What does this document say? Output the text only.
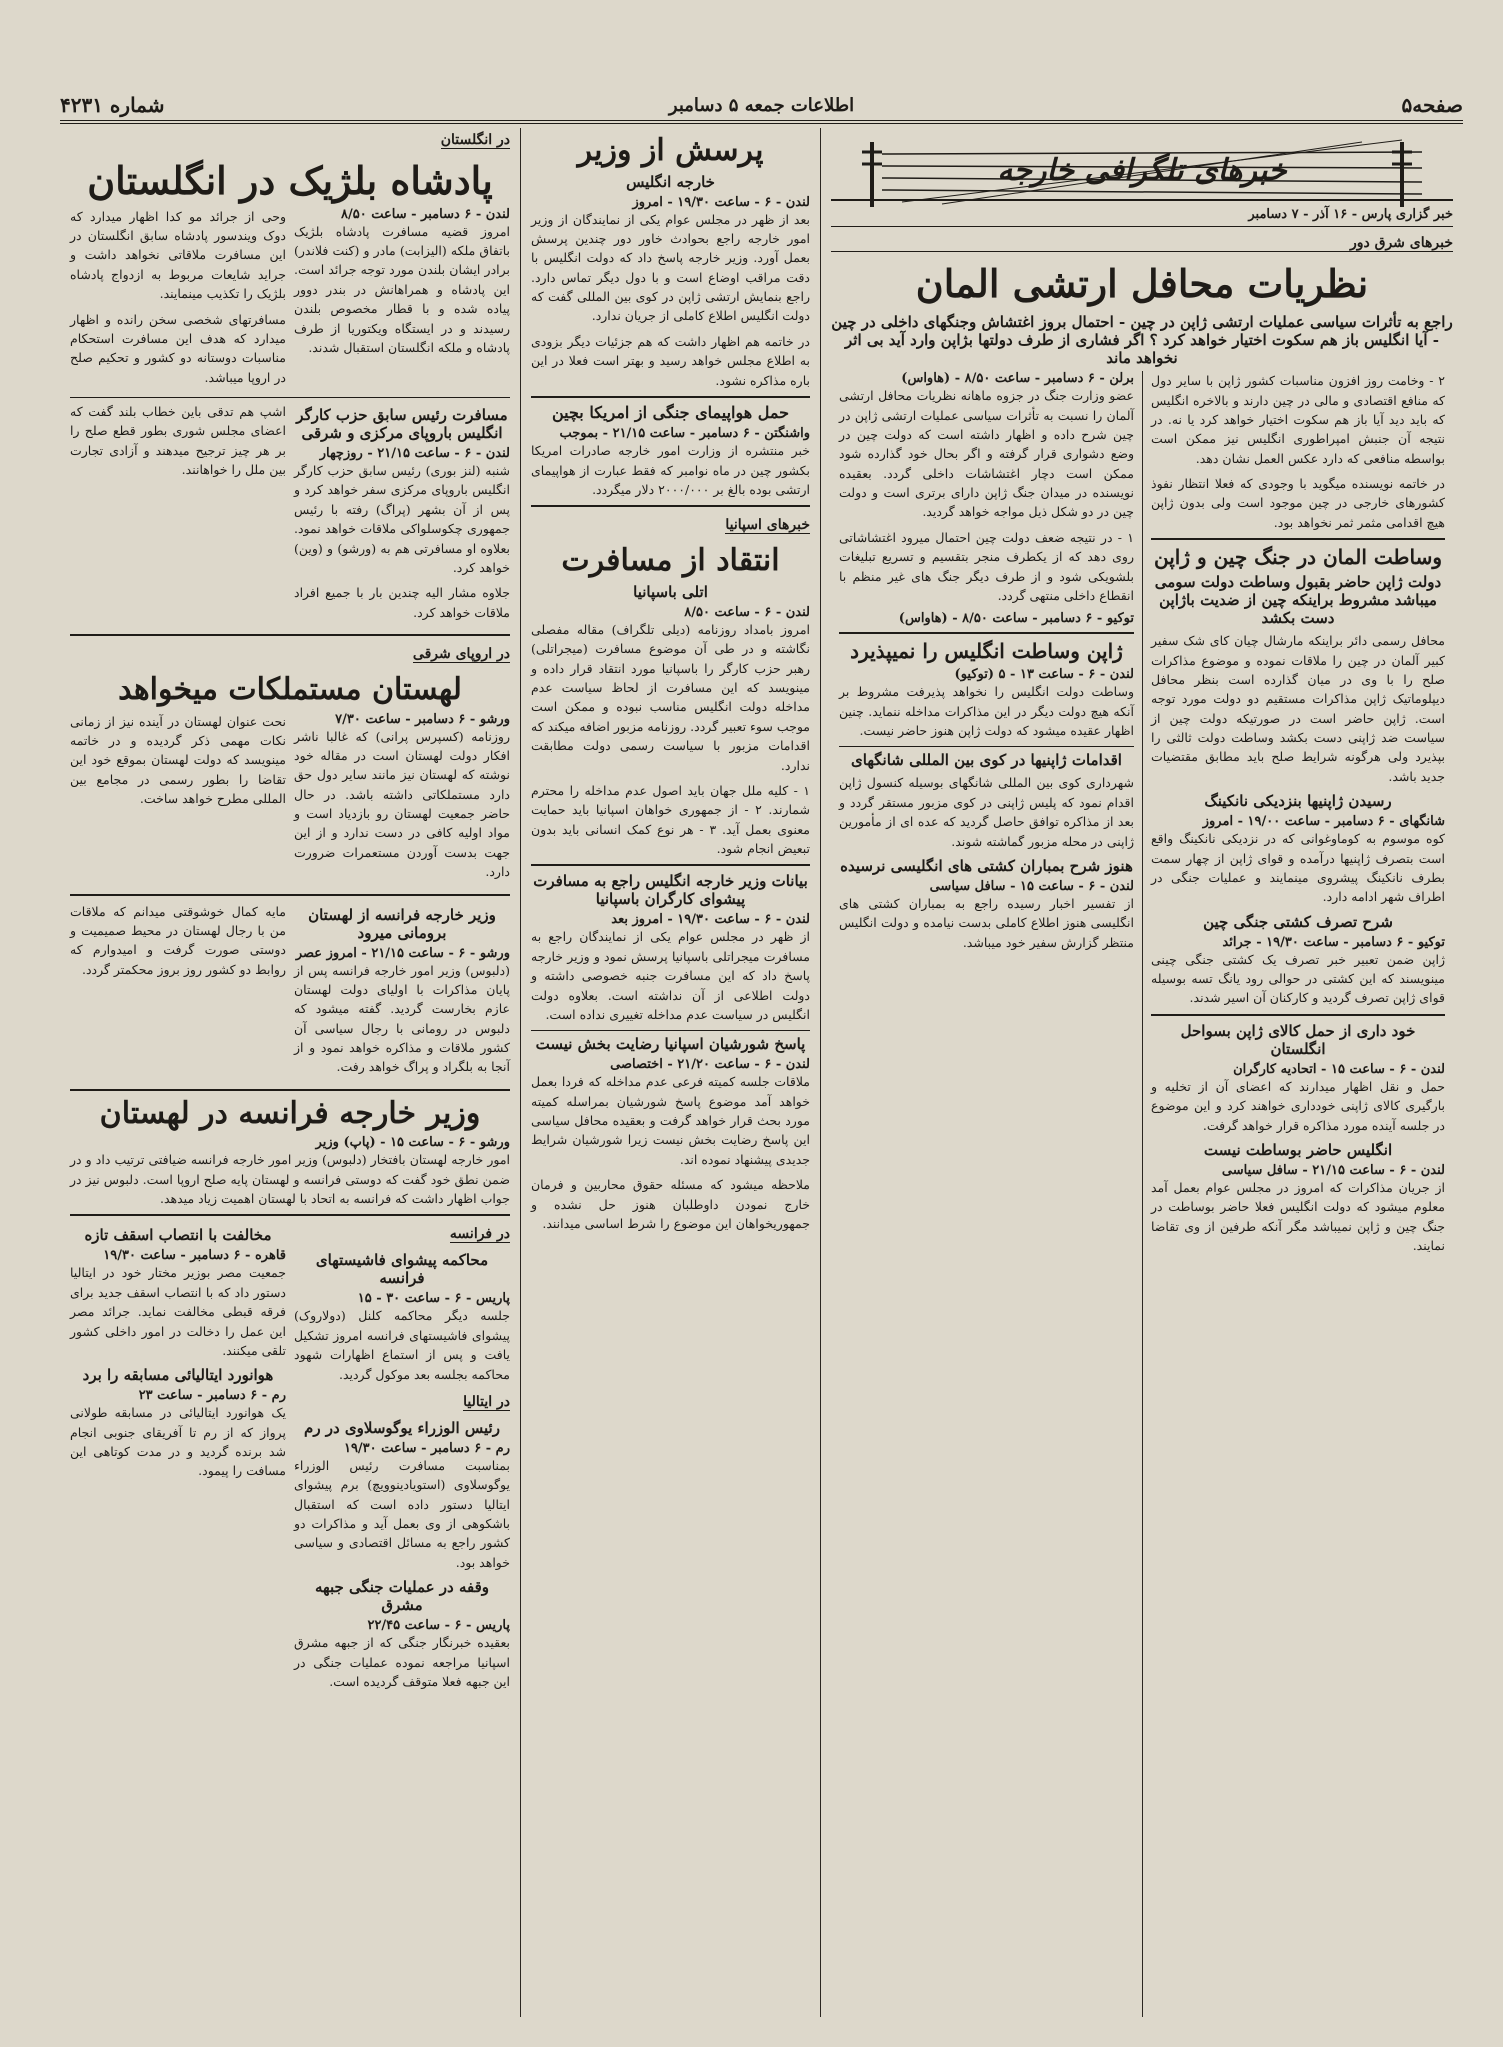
صفحه۵
اطلاعات جمعه ۵ دسامبر
شماره ۴۲۳۱
خبرهای تلگرافی خارجه
خبر گزاری پارس - ۱۶ آذر - ۷ دسامبر
خبرهای شرق دور
نظریات محافل ارتشی المان
راجع به تأثرات سیاسی عملیات ارتشی ژاپن در چین - احتمال بروز اغتشاش وجنگهای داخلی در چین - آیا انگلیس باز هم سکوت اختیار خواهد کرد ؟ اگر فشاری از طرف دولتها بژاپن وارد آید بی اثر نخواهد ماند

۲ - وخامت روز افزون مناسبات کشور ژاپن با سایر دول که منافع اقتصادی و مالی در چین دارند و بالاخره انگلیس که باید دید آیا باز هم سکوت اختیار خواهد کرد یا نه. در نتیجه آن جنبش امپراطوری انگلیس نیز ممکن است بواسطه منافعی که دارد عکس العمل نشان دهد.

در خاتمه نویسنده میگوید با وجودی که فعلا انتظار نفوذ کشورهای خارجی در چین موجود است ولی بدون ژاپن هیچ اقدامی مثمر ثمر نخواهد بود.

وساطت المان در جنگ چین و ژاپن
دولت ژاپن حاضر بقبول وساطت دولت سومی میباشد مشروط براینکه چین از ضدیت باژاپن دست بکشد

محافل رسمی دائر براینکه مارشال چیان کای شک سفیر کبیر آلمان در چین را ملاقات نموده و موضوع مذاکرات صلح را با وی در میان گذارده است بنظر محافل دیپلوماتیک ژاپن مذاکرات مستقیم دو دولت مورد توجه است. ژاپن حاضر است در صورتیکه دولت چین از سیاست ضد ژاپنی دست بکشد وساطت دولت ثالثی را بپذیرد ولی هرگونه شرایط صلح باید مطابق مقتضیات جدید باشد.

رسیدن ژاپنیها بنزدیکی نانکینگ
شانگهای - ۶ دسامبر - ساعت ۱۹/۰۰ - امروز

کوه موسوم به کوماوغوانی که در نزدیکی نانکینگ واقع است بتصرف ژاپنیها درآمده و قوای ژاپن از چهار سمت بطرف نانکینگ پیشروی مینمایند و عملیات جنگی در اطراف شهر ادامه دارد.

شرح تصرف کشتی جنگی چین
توکیو - ۶ دسامبر - ساعت ۱۹/۳۰ - جرائد

ژاپن ضمن تعبیر خبر تصرف یک کشتی جنگی چینی مینویسند که این کشتی در حوالی رود یانگ تسه بوسیله قوای ژاپن تصرف گردید و کارکنان آن اسیر شدند.

خود داری از حمل کالای ژاپن بسواحل انگلستان
لندن - ۶ - ساعت ۱۵ - اتحادیه کارگران

حمل و نقل اظهار میدارند که اعضای آن از تخلیه و بارگیری کالای ژاپنی خودداری خواهند کرد و این موضوع در جلسه آینده مورد مذاکره قرار خواهد گرفت.

انگلیس حاضر بوساطت نیست
لندن - ۶ - ساعت ۲۱/۱۵ - سافل سیاسی

از جریان مذاکرات که امروز در مجلس عوام بعمل آمد معلوم میشود که دولت انگلیس فعلا حاضر بوساطت در جنگ چین و ژاپن نمیباشد مگر آنکه طرفین از وی تقاضا نمایند.

برلن - ۶ دسامبر - ساعت ۸/۵۰ - (هاواس)

عضو وزارت جنگ در جزوه ماهانه نظریات محافل ارتشی آلمان را نسبت به تأثرات سیاسی عملیات ارتشی ژاپن در چین شرح داده و اظهار داشته است که دولت چین در وضع دشواری قرار گرفته و اگر بحال خود گذارده شود ممکن است دچار اغتشاشات داخلی گردد. بعقیده نویسنده در میدان جنگ ژاپن دارای برتری است و دولت چین در دو شکل ذیل مواجه خواهد گردید.

۱ - در نتیجه ضعف دولت چین احتمال میرود اغتشاشاتی روی دهد که از یکطرف منجر بتقسیم و تسریع تبلیغات بلشویکی شود و از طرف دیگر جنگ های غیر منظم با انقطاع داخلی منتهی گردد.

توکیو - ۶ دسامبر - ساعت ۸/۵۰ - (هاواس)
ژاپن وساطت انگلیس را نمیپذیرد
لندن - ۶ - ساعت ۱۳ - ۵ (توکیو)

وساطت دولت انگلیس را نخواهد پذیرفت مشروط بر آنکه هیچ دولت دیگر در این مذاکرات مداخله ننماید. چنین اظهار عقیده میشود که دولت ژاپن هنوز حاضر نیست.

اقدامات ژاپنیها در کوی بین المللی شانگهای

شهرداری کوی بین المللی شانگهای بوسیله کنسول ژاپن اقدام نمود که پلیس ژاپنی در کوی مزبور مستقر گردد و بعد از مذاکره توافق حاصل گردید که عده ای از مأمورین ژاپنی در محله مزبور گماشته شوند.

هنوز شرح بمباران کشتی های انگلیسی نرسیده
لندن - ۶ - ساعت ۱۵ - سافل سیاسی

از تفسیر اخبار رسیده راجع به بمباران کشتی های انگلیسی هنوز اطلاع کاملی بدست نیامده و دولت انگلیس منتظر گزارش سفیر خود میباشد.

پرسش از وزیر
خارجه انگلیس
لندن - ۶ - ساعت ۱۹/۳۰ - امروز

بعد از ظهر در مجلس عوام یکی از نمایندگان از وزیر امور خارجه راجع بحوادث خاور دور چندین پرسش بعمل آورد. وزیر خارجه پاسخ داد که دولت انگلیس با دقت مراقب اوضاع است و با دول دیگر تماس دارد. راجع بنمایش ارتشی ژاپن در کوی بین المللی گفت که دولت انگلیس اطلاع کاملی از جریان ندارد.

در خاتمه هم اظهار داشت که هم جزئیات دیگر بزودی به اطلاع مجلس خواهد رسید و بهتر است فعلا در این باره مذاکره نشود.

حمل هواپیمای جنگی از امریکا بچین
واشنگتن - ۶ دسامبر - ساعت ۲۱/۱۵ - بموجب

خبر منتشره از وزارت امور خارجه صادرات امریکا بکشور چین در ماه نوامبر که فقط عبارت از هواپیمای ارتشی بوده بالغ بر ۲۰۰۰/۰۰۰ دلار میگردد.

خبرهای اسپانیا
انتقاد از مسافرت
اتلی باسپانیا
لندن - ۶ - ساعت ۸/۵۰

امروز بامداد روزنامه (دیلی تلگراف) مقاله مفصلی نگاشته و در طی آن موضوع مسافرت (میجراتلی) رهبر حزب کارگر را باسپانیا مورد انتقاد قرار داده و مینویسد که این مسافرت از لحاظ سیاست عدم مداخله دولت انگلیس مناسب نبوده و ممکن است موجب سوء تعبیر گردد. روزنامه مزبور اضافه میکند که اقدامات مزبور با سیاست رسمی دولت مطابقت ندارد.

۱ - کلیه ملل جهان باید اصول عدم مداخله را محترم شمارند. ۲ - از جمهوری خواهان اسپانیا باید حمایت معنوی بعمل آید. ۳ - هر نوع کمک انسانی باید بدون تبعیض انجام شود.

بیانات وزیر خارجه انگلیس راجع به مسافرت پیشوای کارگران باسپانیا
لندن - ۶ - ساعت ۱۹/۳۰ - امروز بعد

از ظهر در مجلس عوام یکی از نمایندگان راجع به مسافرت میجراتلی باسپانیا پرسش نمود و وزیر خارجه پاسخ داد که این مسافرت جنبه خصوصی داشته و دولت اطلاعی از آن نداشته است. بعلاوه دولت انگلیس در سیاست عدم مداخله تغییری نداده است.

پاسخ شورشیان اسپانیا رضایت بخش نیست
لندن - ۶ - ساعت ۲۱/۲۰ - اختصاصی

ملاقات جلسه کمیته فرعی عدم مداخله که فردا بعمل خواهد آمد موضوع پاسخ شورشیان بمراسله کمیته مورد بحث قرار خواهد گرفت و بعقیده محافل سیاسی این پاسخ رضایت بخش نیست زیرا شورشیان شرایط جدیدی پیشنهاد نموده اند.

ملاحظه میشود که مسئله حقوق محاربین و فرمان خارج نمودن داوطلبان هنوز حل نشده و جمهوریخواهان این موضوع را شرط اساسی میدانند.

در انگلستان
پادشاه بلژیک در انگلستان
لندن - ۶ دسامبر - ساعت ۸/۵۰

امروز قضیه مسافرت پادشاه بلژیک باتفاق ملکه (الیزابت) مادر و (کنت فلاندر) برادر ایشان بلندن مورد توجه جرائد است. این پادشاه و همراهانش در بندر دوور پیاده شده و با قطار مخصوص بلندن رسیدند و در ایستگاه ویکتوریا از طرف پادشاه و ملکه انگلستان استقبال شدند.

وحی از جرائد مو کدا اظهار میدارد که دوک ویندسور پادشاه سابق انگلستان در این مسافرت ملاقاتی نخواهد داشت و جراید شایعات مربوط به ازدواج پادشاه بلژیک را تکذیب مینمایند.

مسافرتهای شخصی سخن رانده و اظهار میدارد که هدف این مسافرت استحکام مناسبات دوستانه دو کشور و تحکیم صلح در اروپا میباشد.

مسافرت رئیس سابق حزب کارگر انگلیس باروپای مرکزی و شرقی
لندن - ۶ - ساعت ۲۱/۱۵ - روزچهار

شنبه (لنز بوری) رئیس سابق حزب کارگر انگلیس باروپای مرکزی سفر خواهد کرد و پس از آن بشهر (پراگ) رفته با رئیس جمهوری چکوسلواکی ملاقات خواهد نمود. بعلاوه او مسافرتی هم به (ورشو) و (وین) خواهد کرد.

جلاوه مشار الیه چندین بار با جمیع افراد ملاقات خواهد کرد.

اشپ هم تدقی باین خطاب بلند گفت که اعضای مجلس شوری بطور قطع صلح را بر هر چیز ترجیح میدهند و آزادی تجارت بین ملل را خواهانند.

در اروپای شرقی
لهستان مستملکات میخواهد
ورشو - ۶ دسامبر - ساعت ۷/۳۰

روزنامه (کسپرس پرانی) که غالبا ناشر افکار دولت لهستان است در مقاله خود نوشته که لهستان نیز مانند سایر دول حق دارد مستملکاتی داشته باشد. در حال حاضر جمعیت لهستان رو بازدیاد است و مواد اولیه کافی در دست ندارد و از این جهت بدست آوردن مستعمرات ضرورت دارد.

نحت عنوان لهستان در آینده نیز از زمانی نکات مهمی ذکر گردیده و در خاتمه مینویسد که دولت لهستان بموقع خود این تقاضا را بطور رسمی در مجامع بین المللی مطرح خواهد ساخت.

وزیر خارجه فرانسه از لهستان برومانی میرود
ورشو - ۶ - ساعت ۲۱/۱۵ - امروز عصر

(دلبوس) وزیر امور خارجه فرانسه پس از پایان مذاکرات با اولیای دولت لهستان عازم بخارست گردید. گفته میشود که دلبوس در رومانی با رجال سیاسی آن کشور ملاقات و مذاکره خواهد نمود و از آنجا به بلگراد و پراگ خواهد رفت.

مایه کمال خوشوقتی میدانم که ملاقات من با رجال لهستان در محیط صمیمیت و دوستی صورت گرفت و امیدوارم که روابط دو کشور روز بروز محکمتر گردد.

وزیر خارجه فرانسه در لهستان
ورشو - ۶ - ساعت ۱۵ - (پاپ) وزیر

امور خارجه لهستان بافتخار (دلبوس) وزیر امور خارجه فرانسه ضیافتی ترتیب داد و در ضمن نطق خود گفت که دوستی فرانسه و لهستان پایه صلح اروپا است. دلبوس نیز در جواب اظهار داشت که فرانسه به اتحاد با لهستان اهمیت زیاد میدهد.

در فرانسه
محاکمه پیشوای فاشیستهای فرانسه
پاریس - ۶ - ساعت ۳۰ - ۱۵

جلسه دیگر محاکمه کلنل (دولاروک) پیشوای فاشیستهای فرانسه امروز تشکیل یافت و پس از استماع اظهارات شهود محاکمه بجلسه بعد موکول گردید.

در ایتالیا
رئیس الوزراء یوگوسلاوی در رم
رم - ۶ دسامبر - ساعت ۱۹/۳۰

بمناسبت مسافرت رئیس الوزراء یوگوسلاوی (استویادینوویچ) برم پیشوای ایتالیا دستور داده است که استقبال باشکوهی از وی بعمل آید و مذاکرات دو کشور راجع به مسائل اقتصادی و سیاسی خواهد بود.

وقفه در عملیات جنگی جبهه مشرق
پاریس - ۶ - ساعت ۲۲/۴۵

بعقیده خبرنگار جنگی که از جبهه مشرق اسپانیا مراجعه نموده عملیات جنگی در این جبهه فعلا متوقف گردیده است.

مخالفت با انتصاب اسقف تازه
قاهره - ۶ دسامبر - ساعت ۱۹/۳۰

جمعیت مصر بوزیر مختار خود در ایتالیا دستور داد که با انتصاب اسقف جدید برای فرقه قبطی مخالفت نماید. جرائد مصر این عمل را دخالت در امور داخلی کشور تلقی میکنند.

هوانورد ایتالیائی مسابقه را برد
رم - ۶ دسامبر - ساعت ۲۳

یک هوانورد ایتالیائی در مسابقه طولانی پرواز که از رم تا آفریقای جنوبی انجام شد برنده گردید و در مدت کوتاهی این مسافت را پیمود.
